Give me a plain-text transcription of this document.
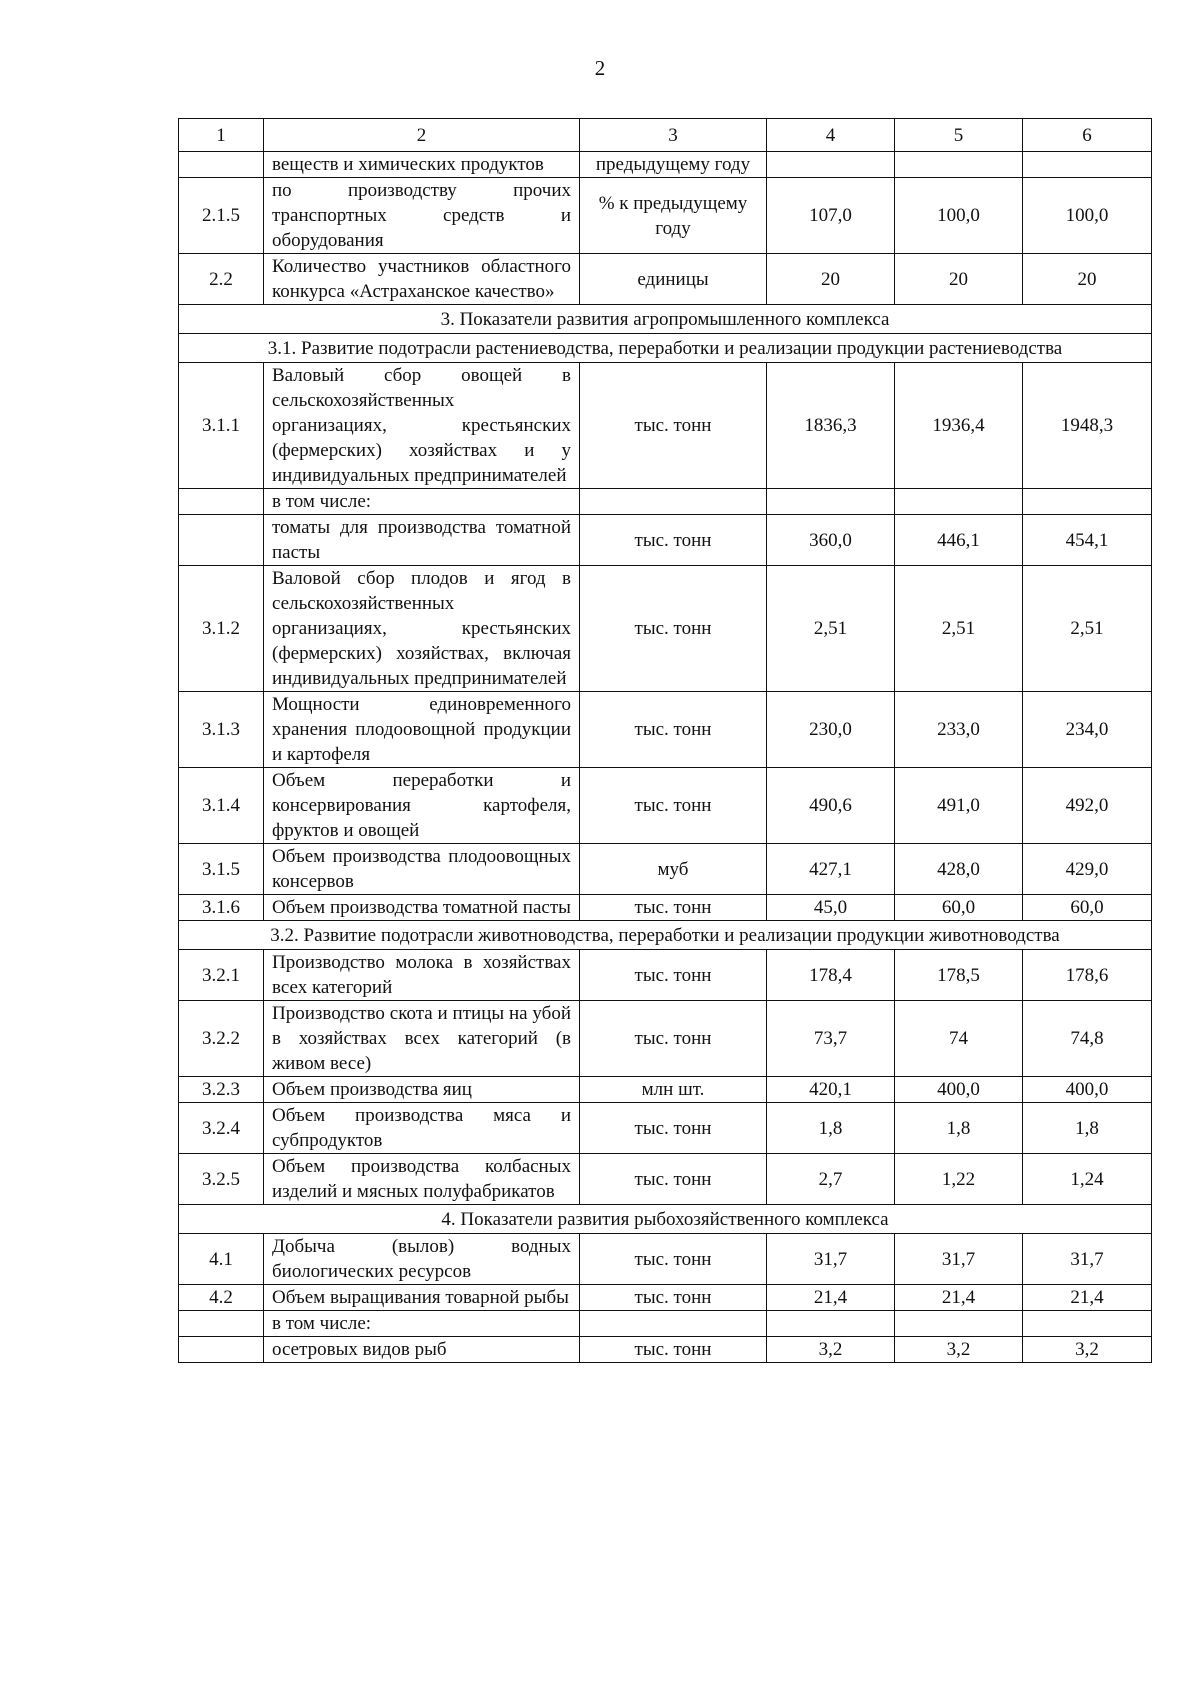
2
1	2	3	4	5	6
	веществ и химических продуктов	предыдущему году			
2.1.5	по производству прочих транспортных средств и оборудования	% к предыдущему году	107,0	100,0	100,0
2.2	Количество участников областного конкурса «Астраханское качество»	единицы	20	20	20
3. Показатели развития агропромышленного комплекса					
3.1. Развитие подотрасли растениеводства, переработки и реализации продукции растениеводства					
3.1.1	Валовый сбор овощей в сельскохозяйственных организациях, крестьянских (фермерских) хозяйствах и у индивидуальных предпринимателей	тыс. тонн	1836,3	1936,4	1948,3
	в том числе:				
	томаты для производства томатной пасты	тыс. тонн	360,0	446,1	454,1
3.1.2	Валовой сбор плодов и ягод в сельскохозяйственных организациях, крестьянских (фермерских) хозяйствах, включая индивидуальных предпринимателей	тыс. тонн	2,51	2,51	2,51
3.1.3	Мощности единовременного хранения плодоовощной продукции и картофеля	тыс. тонн	230,0	233,0	234,0
3.1.4	Объем переработки и консервирования картофеля, фруктов и овощей	тыс. тонн	490,6	491,0	492,0
3.1.5	Объем производства плодоовощных консервов	муб	427,1	428,0	429,0
3.1.6	Объем производства томатной пасты	тыс. тонн	45,0	60,0	60,0
3.2. Развитие подотрасли животноводства, переработки и реализации продукции животноводства					
3.2.1	Производство молока в хозяйствах всех категорий	тыс. тонн	178,4	178,5	178,6
3.2.2	Производство скота и птицы на убой в хозяйствах всех категорий (в живом весе)	тыс. тонн	73,7	74	74,8
3.2.3	Объем производства яиц	млн шт.	420,1	400,0	400,0
3.2.4	Объем производства мяса и субпродуктов	тыс. тонн	1,8	1,8	1,8
3.2.5	Объем производства колбасных изделий и мясных полуфабрикатов	тыс. тонн	2,7	1,22	1,24
4. Показатели развития рыбохозяйственного комплекса					
4.1	Добыча (вылов) водных биологических ресурсов	тыс. тонн	31,7	31,7	31,7
4.2	Объем выращивания товарной рыбы	тыс. тонн	21,4	21,4	21,4
	в том числе:				
	осетровых видов рыб	тыс. тонн	3,2	3,2	3,2
